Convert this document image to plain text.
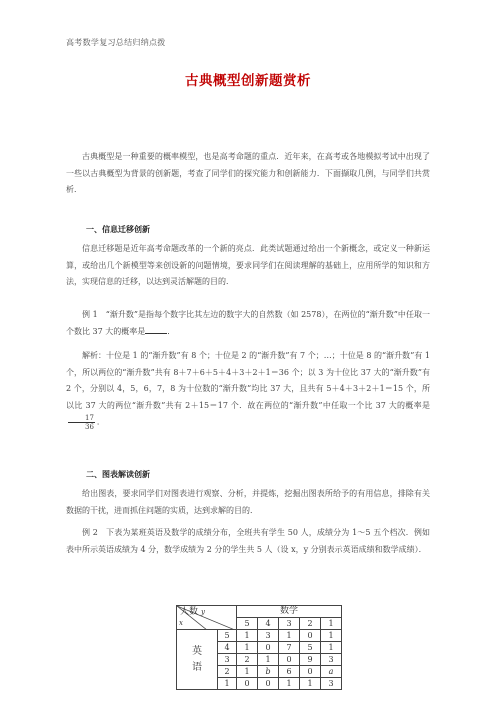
高考数学复习总结归纳点拨
古典概型创新题赏析

古典概型是一种重要的概率模型，也是高考命题的重点．近年来，在高考或各地模拟考试中出现了一些以古典概型为背景的创新题，考查了同学们的探究能力和创新能力．下面撷取几例，与同学们共赏析．

一、信息迁移创新

信息迁移题是近年高考命题改革的一个新的亮点．此类试题通过给出一个新概念，或定义一种新运算，或给出几个新模型等来创设新的问题情境，要求同学们在阅读理解的基础上，应用所学的知识和方法，实现信息的迁移，以达到灵活解题的目的．

例 1　“渐升数”是指每个数字比其左边的数字大的自然数（如 2578），在两位的“渐升数”中任取一个数比 37 大的概率是	．

解析：十位是 1 的“渐升数”有 8 个；十位是 2 的“渐升数”有 7 个；…；十位是 8 的“渐升数”有 1 个，所以两位的“渐升数”共有 8＋7＋6＋5＋4＋3＋2＋1＝36 个；以 3 为十位比 37 大的“渐升数”有 2 个，分别以 4，5，6，7，8 为十位数的“渐升数”均比 37 大，且共有 5＋4＋3＋2＋1＝15 个，所以比 37 大的两位“渐升数”共有 2＋15＝17 个．故在两位的“渐升数”中任取一个比 37 大的概率是
$\frac{17}{36}$ ．

二、图表解读创新

给出图表，要求同学们对图表进行观察、分析，并提炼，挖掘出图表所给予的有用信息，排除有关数据的干扰，进而抓住问题的实质，达到求解的目的．

例 2　下表为某班英语及数学的成绩分布，全班共有学生 50 人，成绩分为 1～5 五个档次．例如表中所示英语成绩为 4 分，数学成绩为 2 分的学生共 5 人（设 x，y 分别表示英语成绩和数学成绩）．

人数 y
x		数学				
		5	4	3	2	1
英语	5	1	3	1	0	1
	4	1	0	7	5	1
	3	2	1	0	9	3
	2	1	b	6	0	a
	1	0	0	1	1	3
